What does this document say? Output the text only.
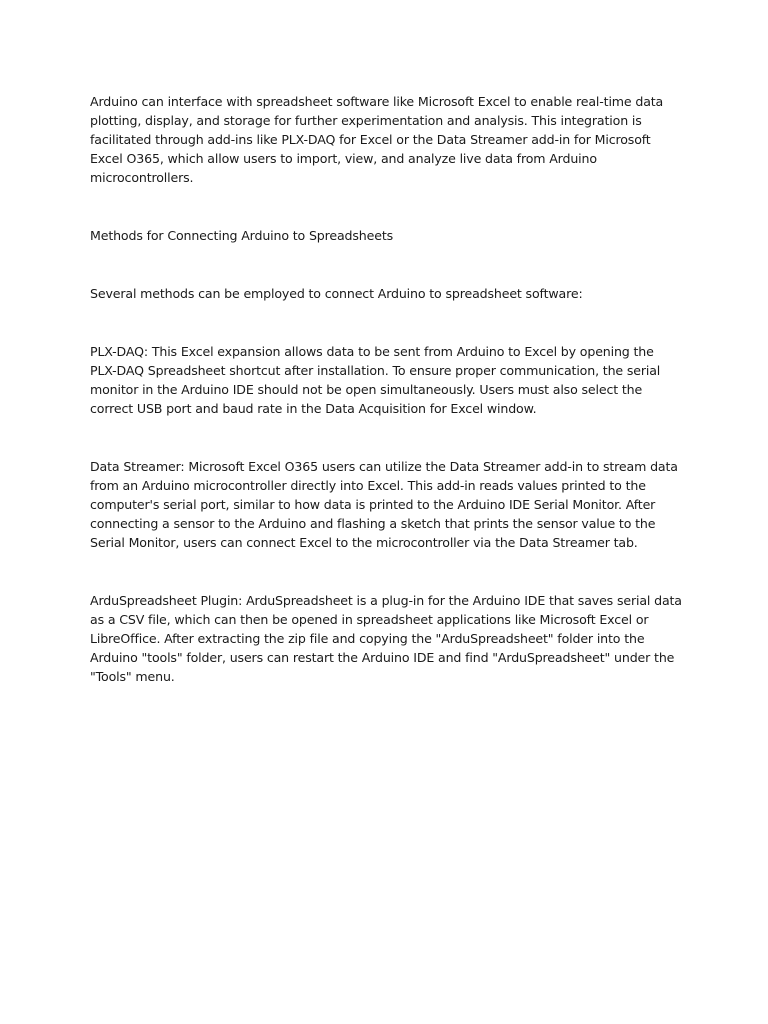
Arduino can interface with spreadsheet software like Microsoft Excel to enable real-time data plotting, display, and storage for further experimentation and analysis. This integration is facilitated through add-ins like PLX-DAQ for Excel or the Data Streamer add-in for Microsoft Excel O365, which allow users to import, view, and analyze live data from Arduino microcontrollers.

Methods for Connecting Arduino to Spreadsheets

Several methods can be employed to connect Arduino to spreadsheet software:

PLX-DAQ: This Excel expansion allows data to be sent from Arduino to Excel by opening the PLX-DAQ Spreadsheet shortcut after installation. To ensure proper communication, the serial monitor in the Arduino IDE should not be open simultaneously. Users must also select the correct USB port and baud rate in the Data Acquisition for Excel window.

Data Streamer: Microsoft Excel O365 users can utilize the Data Streamer add-in to stream data from an Arduino microcontroller directly into Excel. This add-in reads values printed to the computer's serial port, similar to how data is printed to the Arduino IDE Serial Monitor. After connecting a sensor to the Arduino and flashing a sketch that prints the sensor value to the Serial Monitor, users can connect Excel to the microcontroller via the Data Streamer tab.

ArduSpreadsheet Plugin: ArduSpreadsheet is a plug-in for the Arduino IDE that saves serial data as a CSV file, which can then be opened in spreadsheet applications like Microsoft Excel or LibreOffice. After extracting the zip file and copying the "ArduSpreadsheet" folder into the Arduino "tools" folder, users can restart the Arduino IDE and find "ArduSpreadsheet" under the "Tools" menu.
